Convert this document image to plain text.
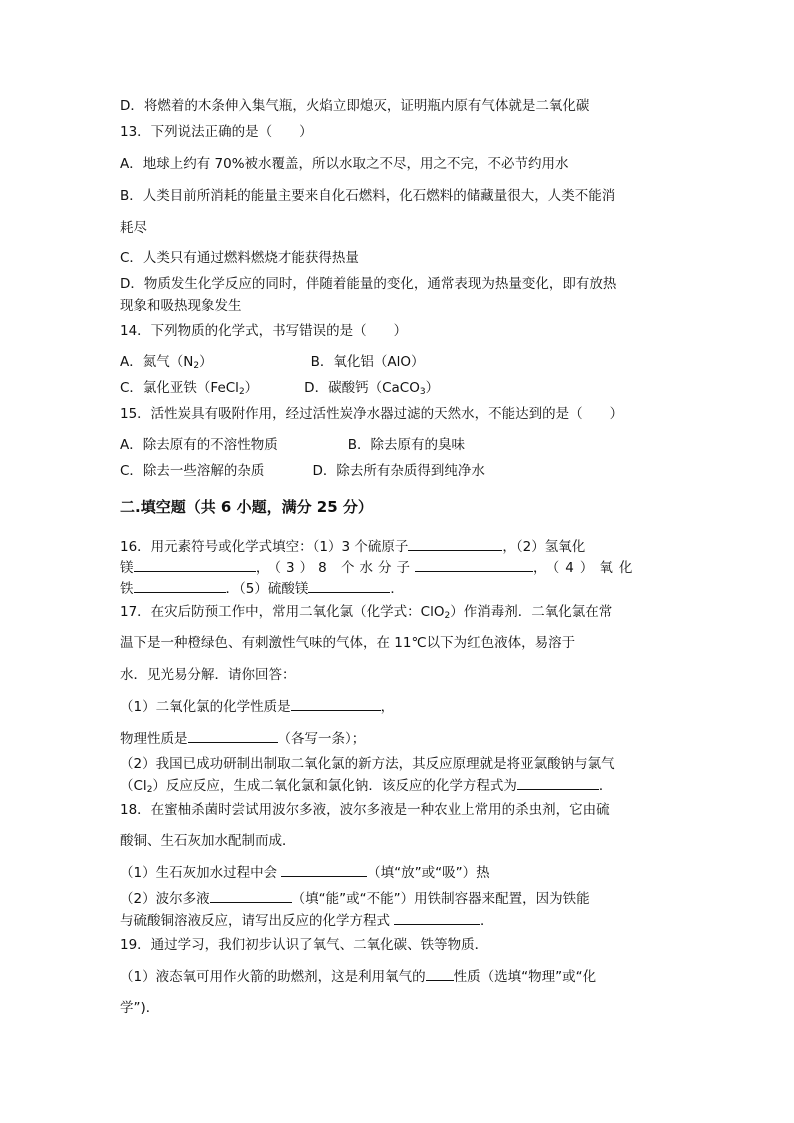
D．将燃着的木条伸入集气瓶，火焰立即熄灭，证明瓶内原有气体就是二氧化碳
13．下列说法正确的是（　　）
A．地球上约有 70%被水覆盖，所以水取之不尽，用之不完，不必节约用水
B．人类目前所消耗的能量主要来自化石燃料，化石燃料的储藏量很大，人类不能消
耗尽
C．人类只有通过燃料燃烧才能获得热量
D．物质发生化学反应的同时，伴随着能量的变化，通常表现为热量变化，即有放热
现象和吸热现象发生
14．下列物质的化学式，书写错误的是（　　）
A．氮气$(N_2)$	B．氧化铝（AlO）
C．氯化亚铁（FeCl$_2$）	D．碳酸钙（CaCO$_3$）
15．活性炭具有吸附作用，经过活性炭净水器过滤的天然水，不能达到的是（　　）
A．除去原有的不溶性物质	B．除去原有的臭味
C．除去一些溶解的杂质	D．除去所有杂质得到纯净水
二.填空题（共 6 小题，满分 25 分）
16．用元素符号或化学式填空：（1）3 个硫原子	，（2）氢氧化
镁	，（3）8 个水分子	，（4）氧化
铁	．（5）硫酸镁	．
17．在灾后防预工作中，常用二氧化氯（化学式：ClO$_2$）作消毒剂．二氧化氯在常
温下是一种橙绿色、有刺激性气味的气体，在 11℃以下为红色液体，易溶于
水．见光易分解．请你回答：
（1）二氧化氯的化学性质是	，
物理性质是	（各写一条）；
（2）我国已成功研制出制取二氧化氯的新方法，其反应原理就是将亚氯酸钠与氯气
$(Cl_2)$反应反应，生成二氧化氯和氯化钠．该反应的化学方程式为	．
18．在蜜柚杀菌时尝试用波尔多液，波尔多液是一种农业上常用的杀虫剂，它由硫
酸铜、生石灰加水配制而成．
（1）生石灰加水过程中会	（填“放”或“吸”）热
（2）波尔多液	（填“能”或“不能”）用铁制容器来配置，因为铁能
与硫酸铜溶液反应，请写出反应的化学方程式	．
19．通过学习，我们初步认识了氧气、二氧化碳、铁等物质．
（1）液态氧可用作火箭的助燃剂，这是利用氧气的 性质（选填“物理”或“化
学”)．
